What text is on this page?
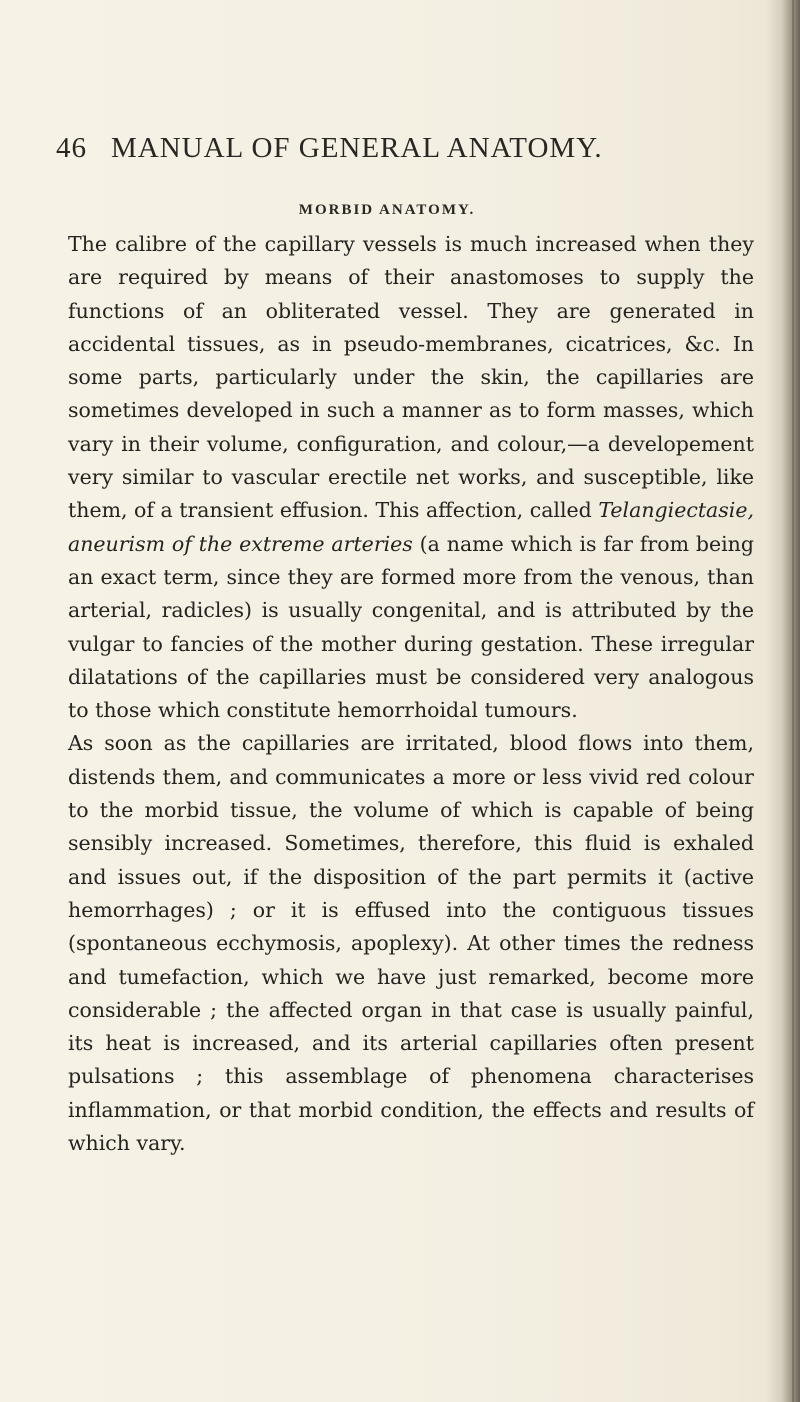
46 MANUAL OF GENERAL ANATOMY.
MORBID ANATOMY.

The calibre of the capillary vessels is much increased when they are required by means of their anastomoses to supply the functions of an obliterated vessel. They are generated in accidental tissues, as in pseudo-membranes, cicatrices, &c. In some parts, particularly under the skin, the capillaries are sometimes developed in such a manner as to form masses, which vary in their volume, configuration, and colour,—a developement very similar to vascular erectile net works, and susceptible, like them, of a transient effusion. This affection, called Telangiectasie, aneurism of the extreme arteries (a name which is far from being an exact term, since they are formed more from the venous, than arterial, radicles) is usually congenital, and is attributed by the vulgar to fancies of the mother during gestation. These irregular dilatations of the capillaries must be considered very analogous to those which constitute hemorrhoidal tumours.

As soon as the capillaries are irritated, blood flows into them, distends them, and communicates a more or less vivid red colour to the morbid tissue, the volume of which is capable of being sensibly increased. Sometimes, therefore, this fluid is exhaled and issues out, if the disposition of the part permits it (active hemorrhages) ; or it is effused into the contiguous tissues (spontaneous ecchymosis, apoplexy). At other times the redness and tumefaction, which we have just remarked, become more considerable ; the affected organ in that case is usually painful, its heat is increased, and its arterial capillaries often present pulsations ; this assemblage of phenomena characterises inflammation, or that morbid condition, the effects and results of which vary.
